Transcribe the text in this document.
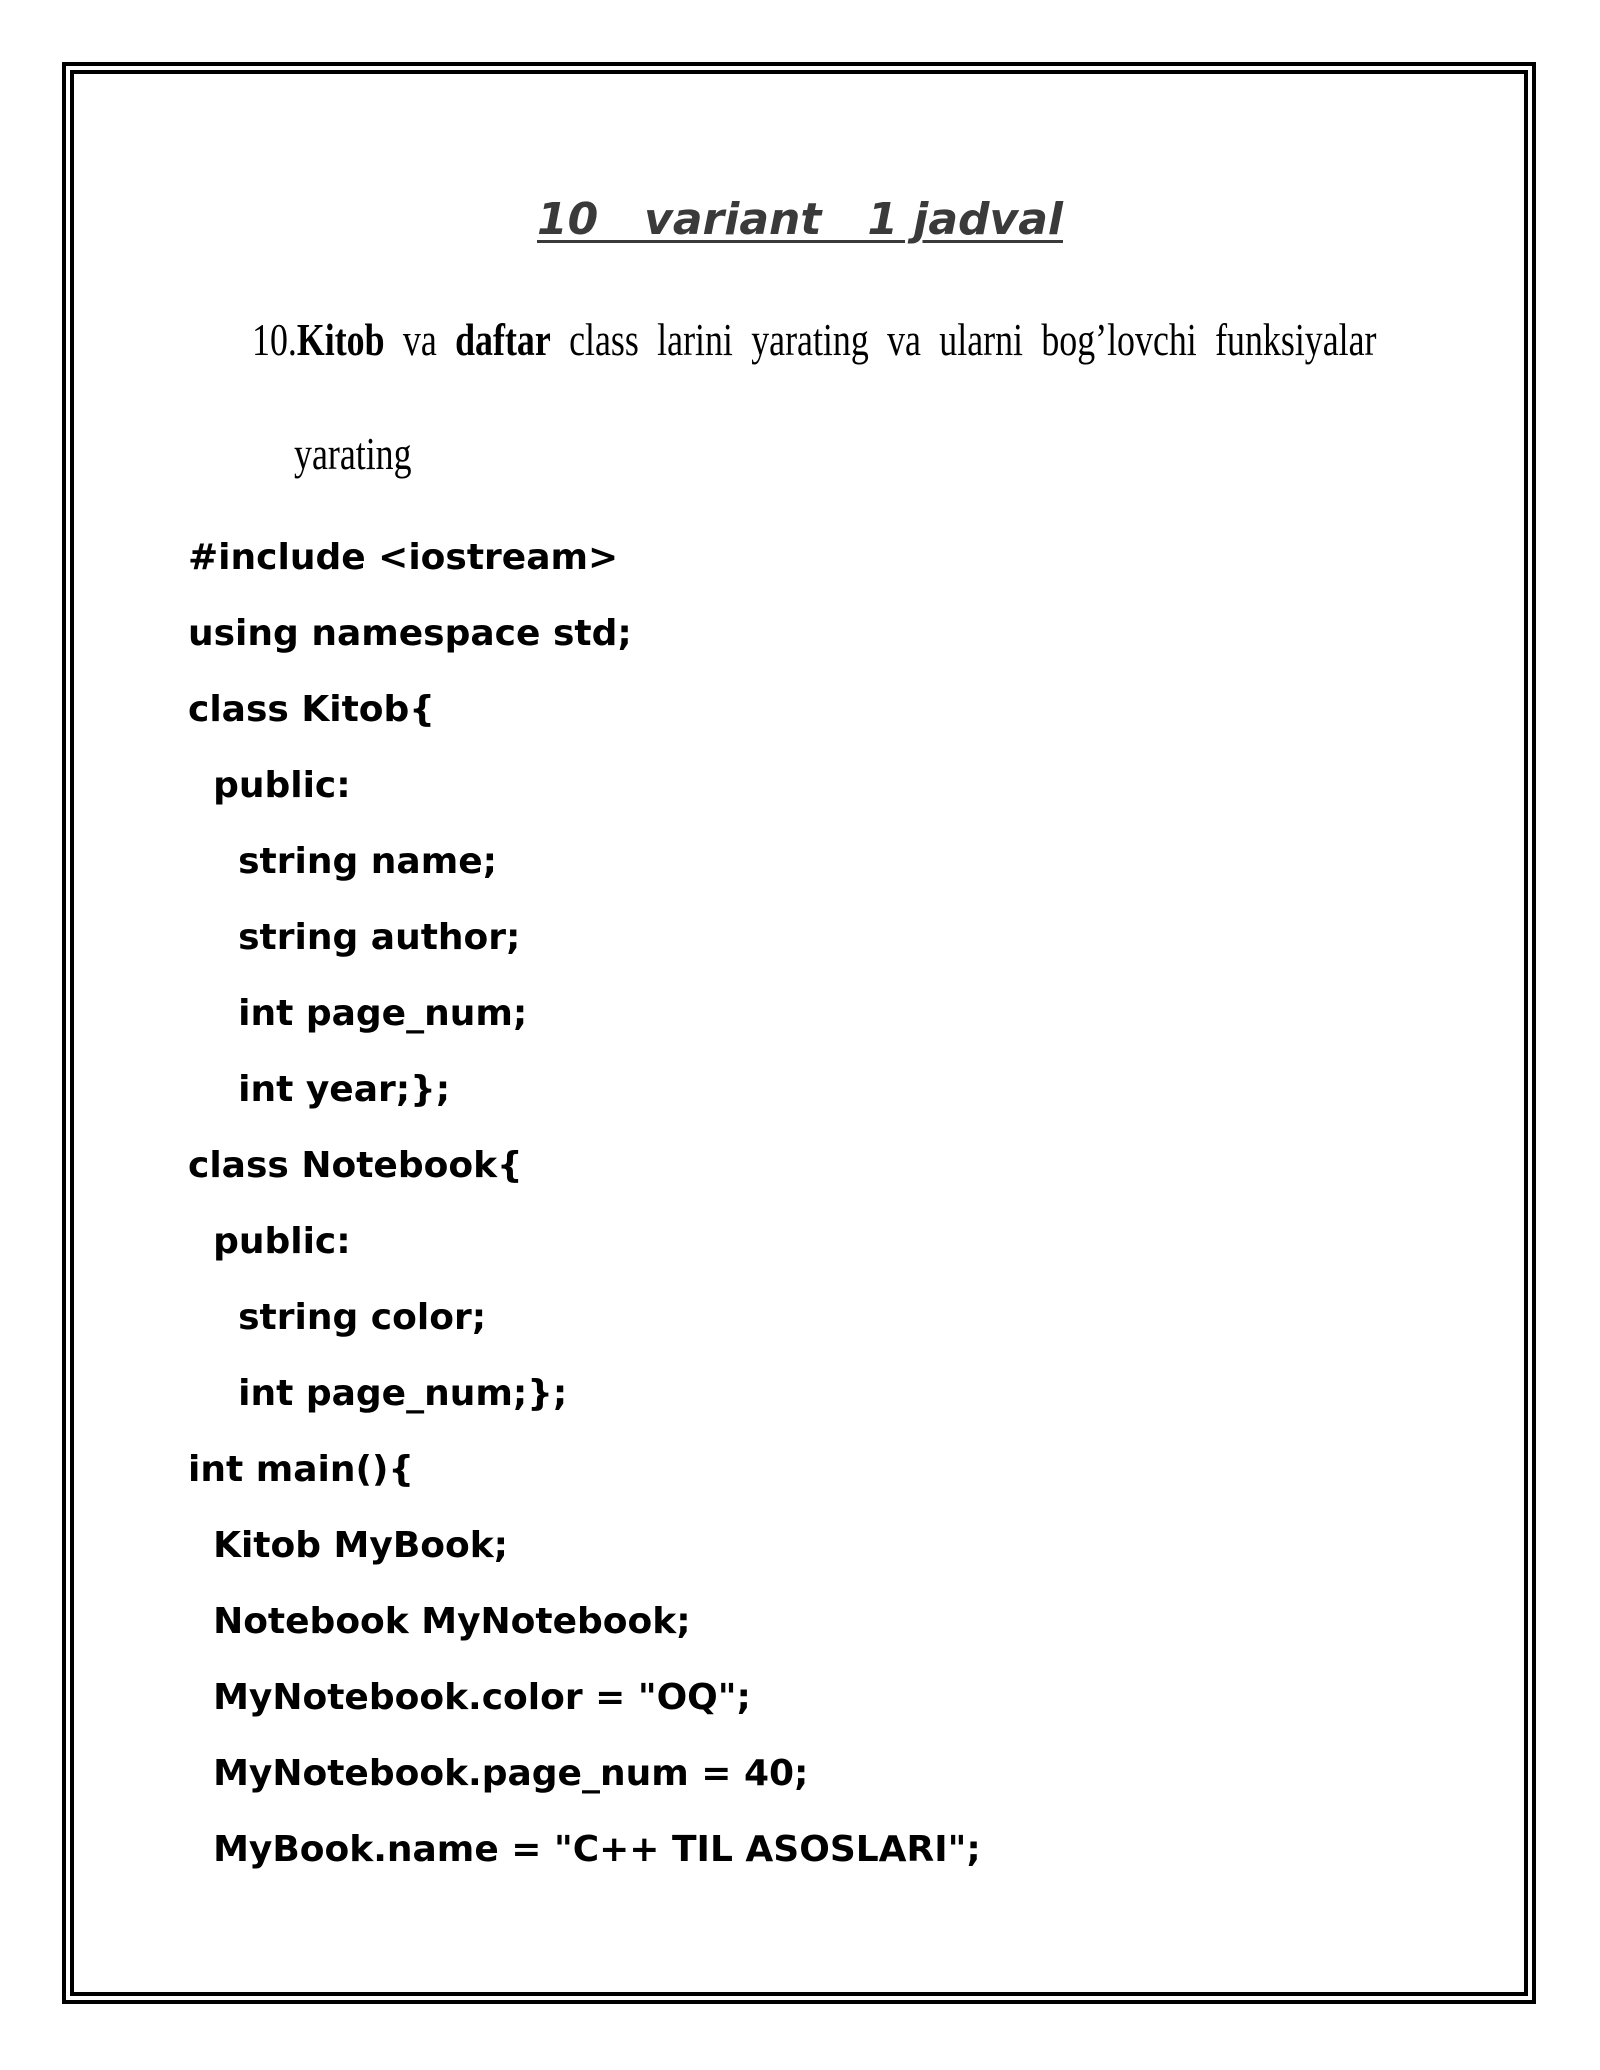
10   variant   1 jadval
10.Kitob va daftar class larini yarating va ularni bog’lovchi funksiyalar
yarating
#include <iostream>
using namespace std;
class Kitob{
public:
string name;
string author;
int page_num;
int year;};
class Notebook{
public:
string color;
int page_num;};
int main(){
Kitob MyBook;
Notebook MyNotebook;
MyNotebook.color = "OQ";
MyNotebook.page_num = 40;
MyBook.name = "C++ TIL ASOSLARI";
